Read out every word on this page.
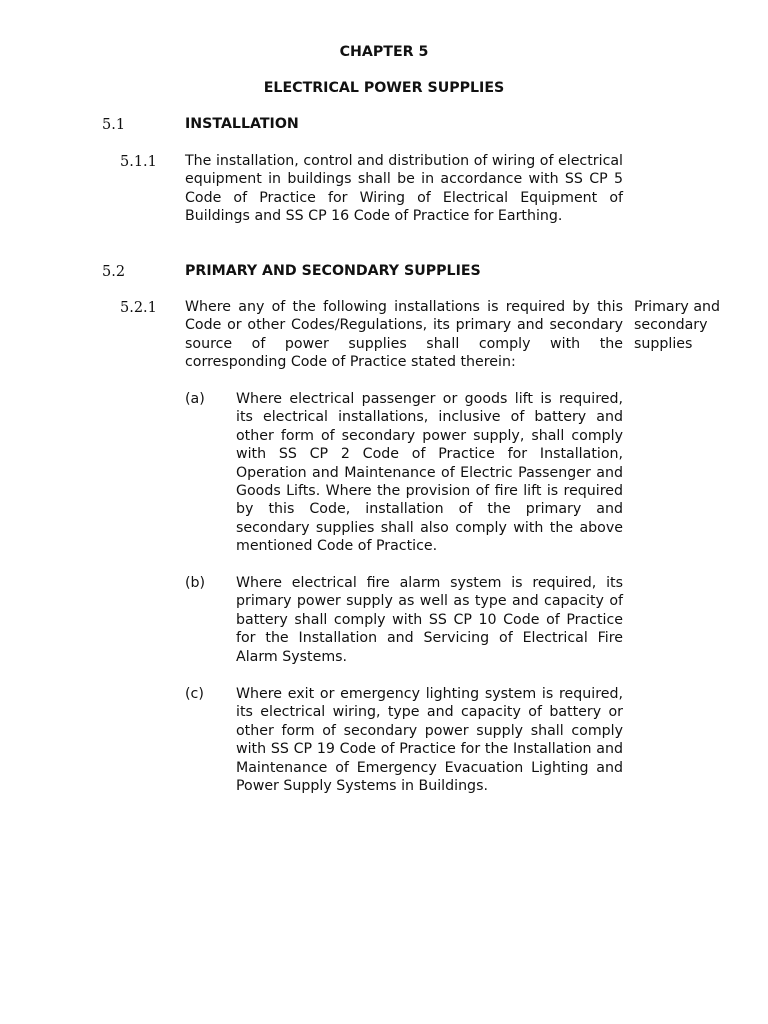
CHAPTER 5
ELECTRICAL POWER SUPPLIES
5.1	INSTALLATION
5.1.1 The installation, control and distribution of wiring of electrical equipment in buildings shall be in accordance with SS CP 5 Code of Practice for Wiring of Electrical Equipment of Buildings and SS CP 16 Code of Practice for Earthing.
5.2	PRIMARY AND SECONDARY SUPPLIES
5.2.1 Where any of the following installations is required by this Code or other Codes/Regulations, its primary and secondary source of power supplies shall comply with the corresponding Code of Practice stated therein:
Primary and secondary supplies
(a) Where electrical passenger or goods lift is required, its electrical installations, inclusive of battery and other form of secondary power supply, shall comply with SS CP 2 Code of Practice for Installation, Operation and Maintenance of Electric Passenger and Goods Lifts. Where the provision of fire lift is required by this Code, installation of the primary and secondary supplies shall also comply with the above mentioned Code of Practice.
(b) Where electrical fire alarm system is required, its primary power supply as well as type and capacity of battery shall comply with SS CP 10 Code of Practice for the Installation and Servicing of Electrical Fire Alarm Systems.
(c) Where exit or emergency lighting system is required, its electrical wiring, type and capacity of battery or other form of secondary power supply shall comply with SS CP 19 Code of Practice for the Installation and Maintenance of Emergency Evacuation Lighting and Power Supply Systems in Buildings.
